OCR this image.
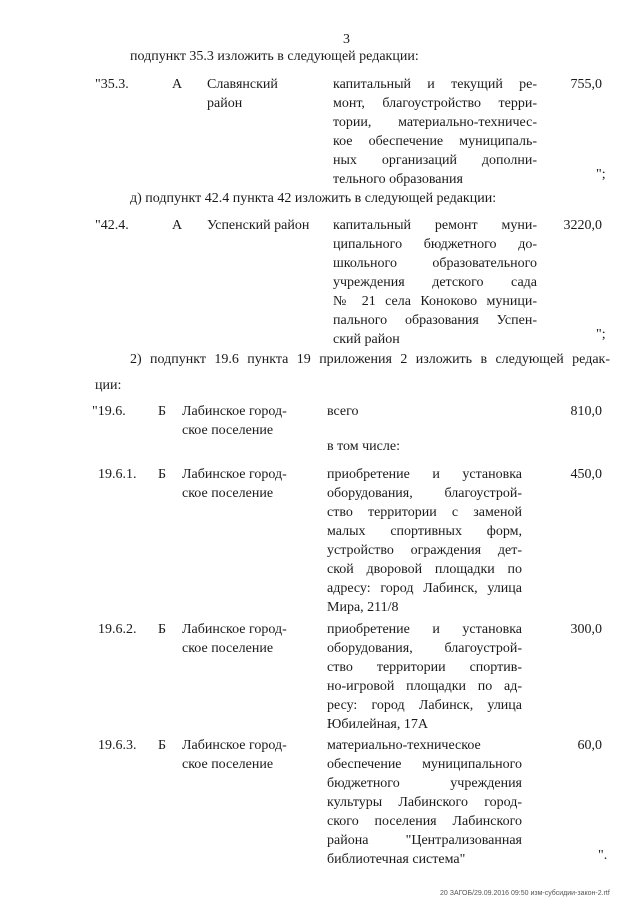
3
подпункт 35.3 изложить в следующей редакции:
"35.3.	А Славянский
район
капитальный и текущий ре-
монт, благоустройство терри-
тории, материально-техничес-
кое обеспечение муниципаль-
ных организаций дополни-
тельного образования
755,0
";
д) подпункт 42.4 пункта 42 изложить в следующей редакции:
"42.4.	А Успенский район капитальный ремонт муни-
ципального бюджетного до-
школьного образовательного
учреждения детского сада
№ 21 села Коноково муници-
пального образования Успен-
ский район
3220,0
";
2) подпункт 19.6 пункта 19 приложения 2 изложить в следующей редак-
ции:
"19.6. Б Лабинское город-
ское поселение
всего
в том числе:
810,0
19.6.1. Б Лабинское город-
ское поселение
приобретение и установка
оборудования, благоустрой-
ство территории с заменой
малых спортивных форм,
устройство ограждения дет-
ской дворовой площадки по
адресу: город Лабинск, улица
Мира, 211/8
450,0
19.6.2. Б Лабинское город-
ское поселение
приобретение и установка
оборудования, благоустрой-
ство территории спортив-
но-игровой площадки по ад-
ресу: город Лабинск, улица
Юбилейная, 17А
300,0
19.6.3. Б Лабинское город-
ское поселение
материально-техническое
обеспечение муниципального
бюджетного учреждения
культуры Лабинского город-
ского поселения Лабинского
района "Централизованная
библиотечная система"
60,0
".
20 ЗАГОБ/29.09.2016 09:50 изм-субсидии-закон-2.rtf
